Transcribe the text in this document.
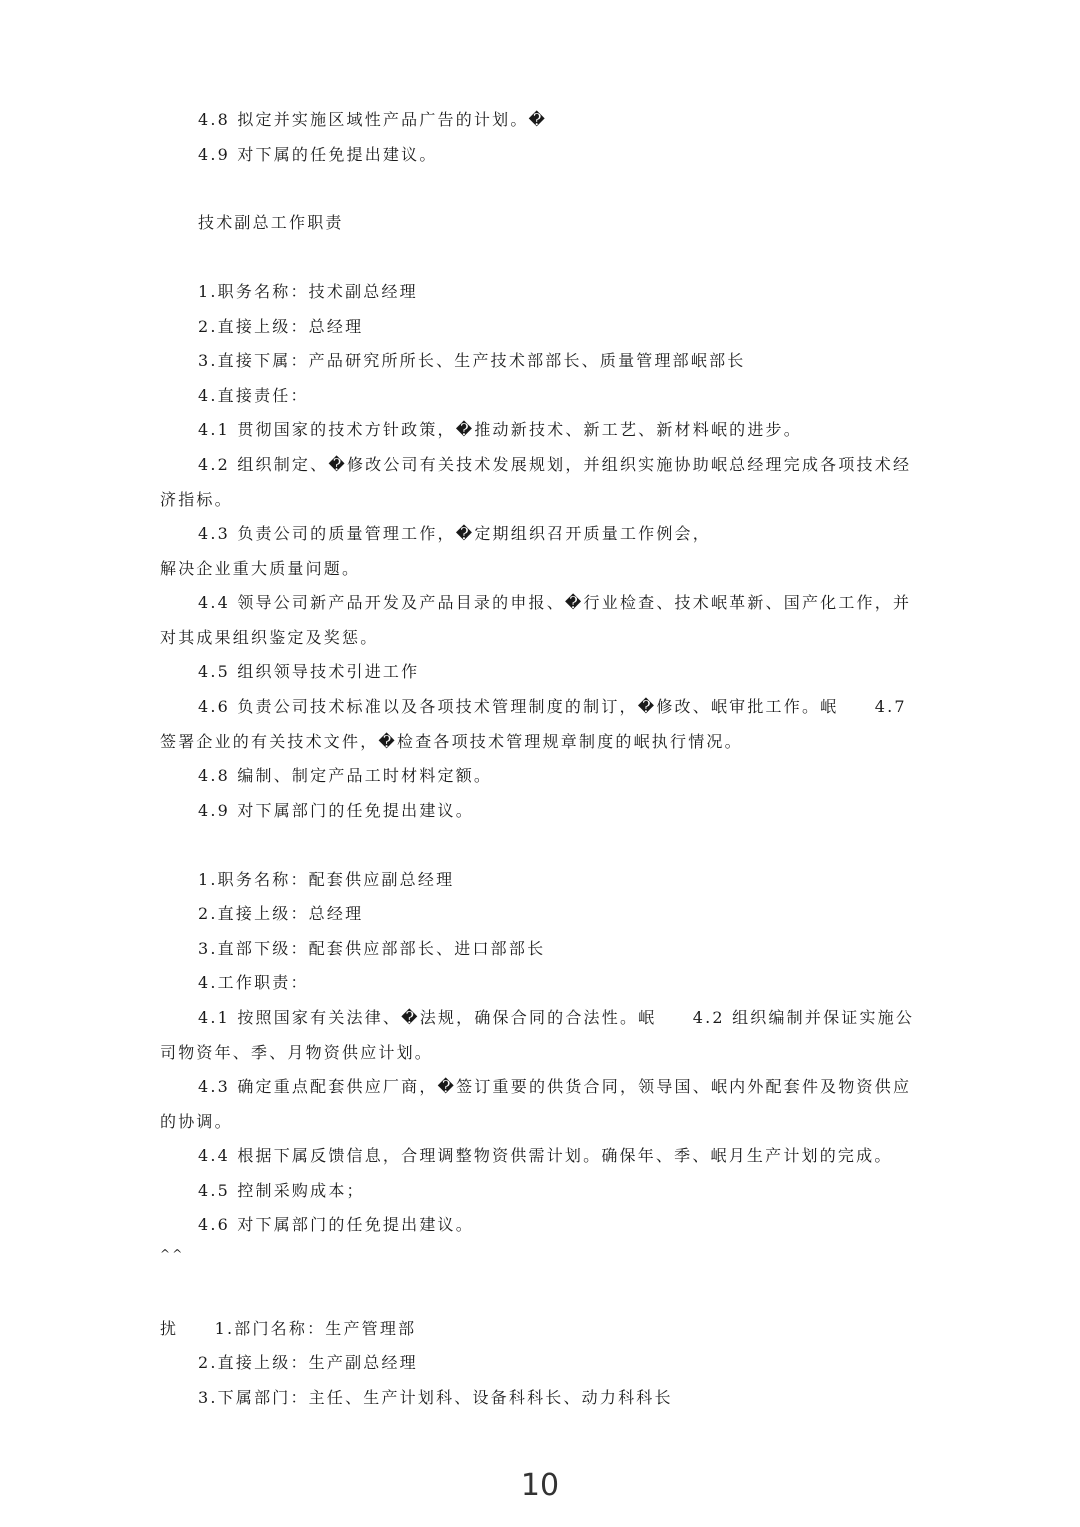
4.8 拟定并实施区域性产品广告的计划。�
4.9 对下属的任免提出建议。
技术副总工作职责
1.职务名称：技术副总经理
2.直接上级：总经理
3.直接下属：产品研究所所长、生产技术部部长、质量管理部岷部长
4.直接责任：
4.1 贯彻国家的技术方针政策，�推动新技术、新工艺、新材料岷的进步。
4.2 组织制定、�修改公司有关技术发展规划，并组织实施协助岷总经理完成各项技术经
济指标。
4.3 负责公司的质量管理工作，�定期组织召开质量工作例会，
解决企业重大质量问题。
4.4 领导公司新产品开发及产品目录的申报、�行业检查、技术岷革新、国产化工作，并
对其成果组织鉴定及奖惩。
4.5 组织领导技术引进工作
4.6 负责公司技术标准以及各项技术管理制度的制订，�修改、岷审批工作。岷　　4.7
签署企业的有关技术文件，�检查各项技术管理规章制度的岷执行情况。
4.8 编制、制定产品工时材料定额。
4.9 对下属部门的任免提出建议。
1.职务名称：配套供应副总经理
2.直接上级：总经理
3.直部下级：配套供应部部长、进口部部长
4.工作职责：
4.1 按照国家有关法律、�法规，确保合同的合法性。岷　　4.2 组织编制并保证实施公
司物资年、季、月物资供应计划。
4.3 确定重点配套供应厂商，�签订重要的供货合同，领导国、岷内外配套件及物资供应
的协调。
4.4 根据下属反馈信息，合理调整物资供需计划。确保年、季、岷月生产计划的完成。
4.5 控制采购成本；
4.6 对下属部门的任免提出建议。
^^
扰　　1.部门名称：生产管理部
2.直接上级：生产副总经理
3.下属部门：主任、生产计划科、设备科科长、动力科科长
10
